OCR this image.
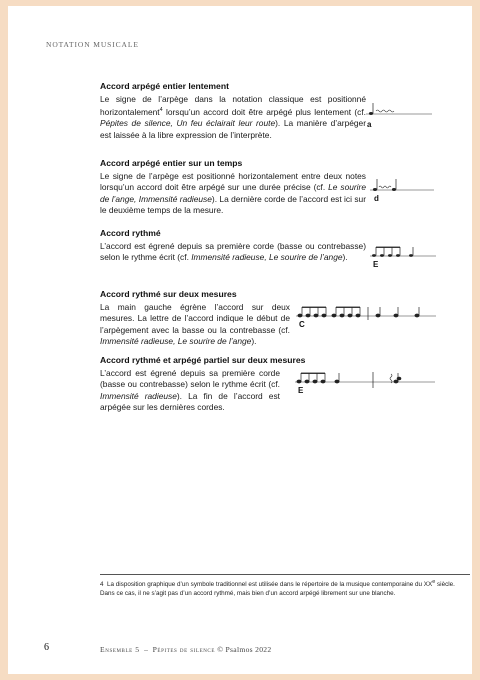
NOTATION MUSICALE
Accord arpégé entier lentement

Le signe de l’arpège dans la notation classique est positionné horizontalement$^4$ lorsqu’un accord doit être arpégé plus lentement (cf. Pépites de silence, Un feu éclairait leur route). La manière d’arpéger est laissée à la libre expression de l’interprète.

a
Accord arpégé entier sur un temps

Le signe de l’arpège est positionné horizontalement entre deux notes lorsqu’un accord doit être arpégé sur une durée précise (cf. Le sourire de l’ange, Immensité radieuse). La dernière corde de l’accord est ici sur le deuxième temps de la mesure.

d
Accord rythmé

L’accord est égrené depuis sa première corde (basse ou contrebasse) selon le rythme écrit (cf. Immensité radieuse, Le sourire de l’ange).

E
Accord rythmé sur deux mesures

La main gauche égrène l’accord sur deux mesures. La lettre de l’accord indique le début de l’arpègement avec la basse ou la contrebasse (cf. Immensité radieuse, Le sourire de l’ange).

C
Accord rythmé et arpégé partiel sur deux mesures

L’accord est égrené depuis sa première corde (basse ou contrebasse) selon le rythme écrit (cf. Immensité radieuse). La fin de l’accord est arpégée sur les dernières cordes.

E

4 La disposition graphique d’un symbole traditionnel est utilisée dans le répertoire de la musique contemporaine du XXe siècle. Dans ce cas, il ne s’agit pas d’un accord rythmé, mais bien d’un accord arpégé librement sur une blanche.

6	Ensemble 5 – Pépites de silence © Psalmos 2022
